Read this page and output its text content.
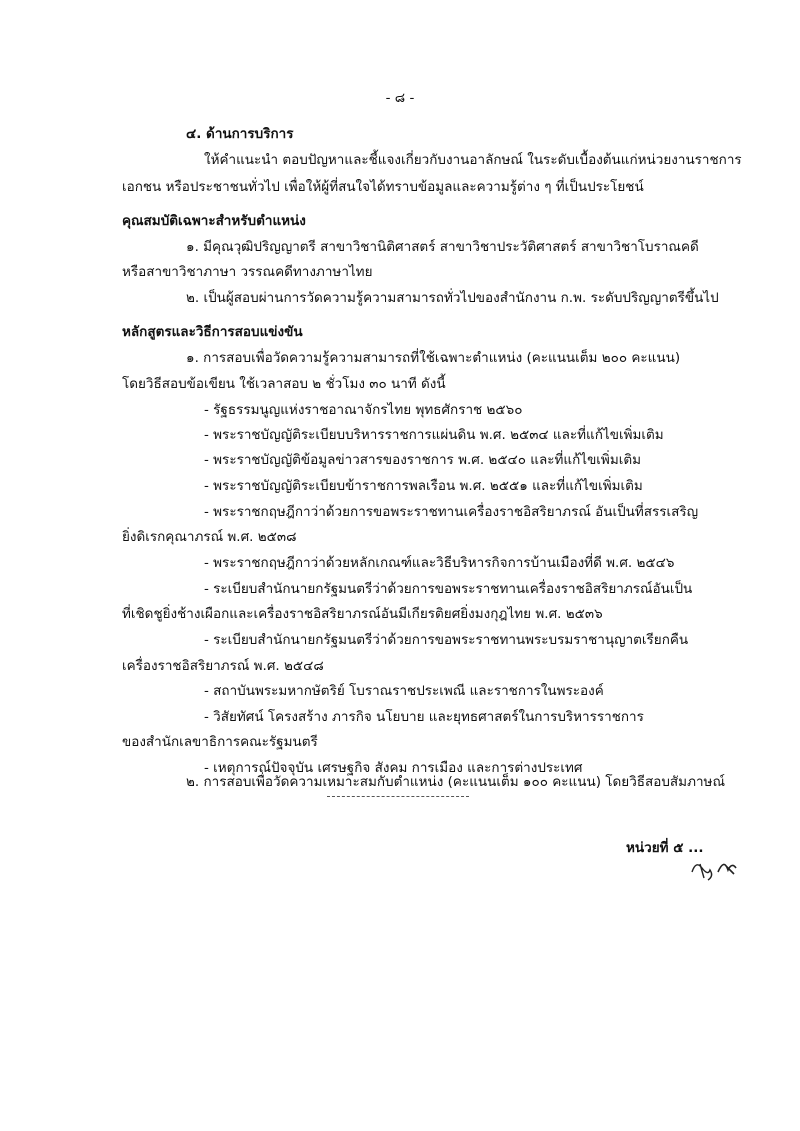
- ๘ -
๔. ด้านการบริการ
ให้คำแนะนำ ตอบปัญหาและชี้แจงเกี่ยวกับงานอาลักษณ์ ในระดับเบื้องต้นแก่หน่วยงานราชการ
เอกชน หรือประชาชนทั่วไป เพื่อให้ผู้ที่สนใจได้ทราบข้อมูลและความรู้ต่าง ๆ ที่เป็นประโยชน์
คุณสมบัติเฉพาะสำหรับตำแหน่ง
๑. มีคุณวุฒิปริญญาตรี สาขาวิชานิติศาสตร์ สาขาวิชาประวัติศาสตร์ สาขาวิชาโบราณคดี
หรือสาขาวิชาภาษา วรรณคดีทางภาษาไทย
๒. เป็นผู้สอบผ่านการวัดความรู้ความสามารถทั่วไปของสำนักงาน ก.พ. ระดับปริญญาตรีขึ้นไป
หลักสูตรและวิธีการสอบแข่งขัน
๑. การสอบเพื่อวัดความรู้ความสามารถที่ใช้เฉพาะตำแหน่ง (คะแนนเต็ม ๒๐๐ คะแนน)
โดยวิธีสอบข้อเขียน ใช้เวลาสอบ ๒ ชั่วโมง ๓๐ นาที ดังนี้
- รัฐธรรมนูญแห่งราชอาณาจักรไทย พุทธศักราช ๒๕๖๐
- พระราชบัญญัติระเบียบบริหารราชการแผ่นดิน พ.ศ. ๒๕๓๔ และที่แก้ไขเพิ่มเติม
- พระราชบัญญัติข้อมูลข่าวสารของราชการ พ.ศ. ๒๕๔๐ และที่แก้ไขเพิ่มเติม
- พระราชบัญญัติระเบียบข้าราชการพลเรือน พ.ศ. ๒๕๕๑ และที่แก้ไขเพิ่มเติม
- พระราชกฤษฎีกาว่าด้วยการขอพระราชทานเครื่องราชอิสริยาภรณ์ อันเป็นที่สรรเสริญ
ยิ่งดิเรกคุณาภรณ์ พ.ศ. ๒๕๓๘
- พระราชกฤษฎีกาว่าด้วยหลักเกณฑ์และวิธีบริหารกิจการบ้านเมืองที่ดี พ.ศ. ๒๕๔๖
- ระเบียบสำนักนายกรัฐมนตรีว่าด้วยการขอพระราชทานเครื่องราชอิสริยาภรณ์อันเป็น
ที่เชิดชูยิ่งช้างเผือกและเครื่องราชอิสริยาภรณ์อันมีเกียรติยศยิ่งมงกุฎไทย พ.ศ. ๒๕๓๖
- ระเบียบสำนักนายกรัฐมนตรีว่าด้วยการขอพระราชทานพระบรมราชานุญาตเรียกคืน
เครื่องราชอิสริยาภรณ์ พ.ศ. ๒๕๔๘
- สถาบันพระมหากษัตริย์ โบราณราชประเพณี และราชการในพระองค์
- วิสัยทัศน์ โครงสร้าง ภารกิจ นโยบาย และยุทธศาสตร์ในการบริหารราชการ
ของสำนักเลขาธิการคณะรัฐมนตรี
- เหตุการณ์ปัจจุบัน เศรษฐกิจ สังคม การเมือง และการต่างประเทศ
๒. การสอบเพื่อวัดความเหมาะสมกับตำแหน่ง (คะแนนเต็ม ๑๐๐ คะแนน) โดยวิธีสอบสัมภาษณ์
หน่วยที่ ๕ ...
